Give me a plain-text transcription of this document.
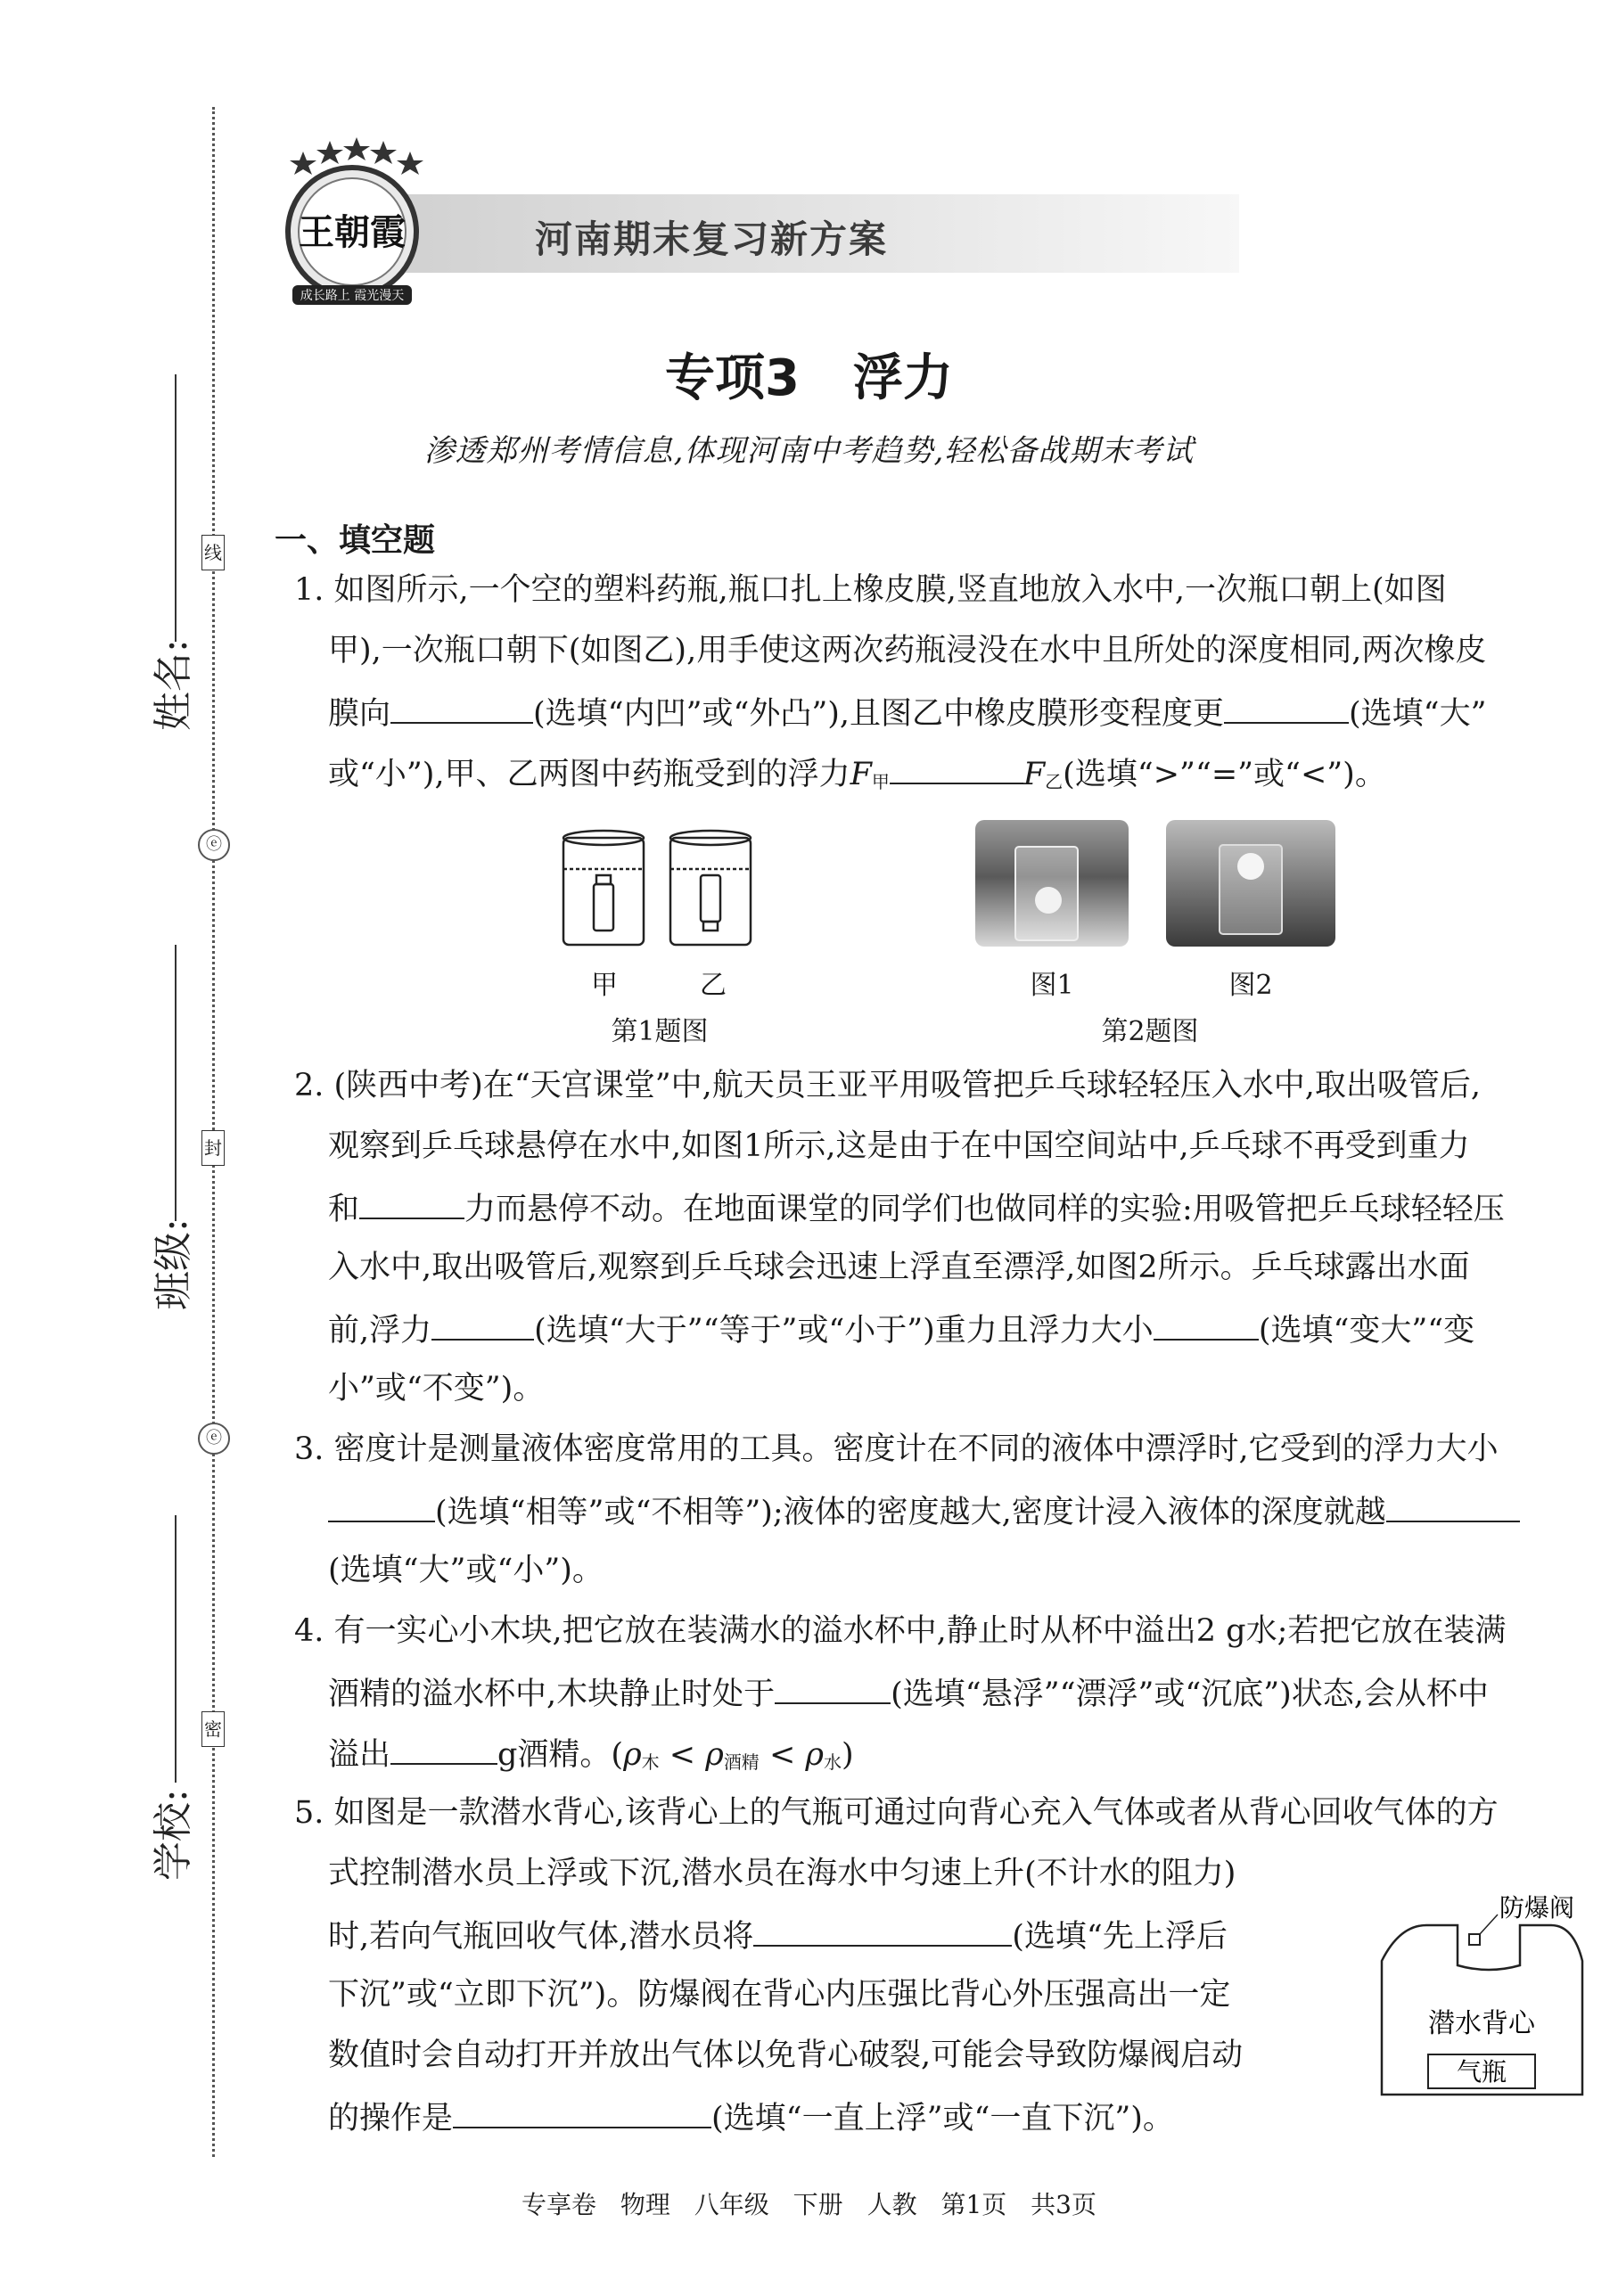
姓名:
班级:
学校:
线
封
密
ⓔ
ⓔ
河南期末复习新方案
王朝霞
成长路上 霞光漫天
专项3 浮力
渗透郑州考情信息,体现河南中考趋势,轻松备战期末考试
一、填空题
1. 如图所示,一个空的塑料药瓶,瓶口扎上橡皮膜,竖直地放入水中,一次瓶口朝上(如图
甲),一次瓶口朝下(如图乙),用手使这两次药瓶浸没在水中且所处的深度相同,两次橡皮
膜向	(选填“内凹”或“外凸”),且图乙中橡皮膜形变程度更	(选填“大”
或“小”),甲、乙两图中药瓶受到的浮力$F_甲$	$F_乙$(选填“>”“=”或“<”)。
甲	乙
第1题图
图1	图2
第2题图
2. (陕西中考)在“天宫课堂”中,航天员王亚平用吸管把乒乓球轻轻压入水中,取出吸管后,
观察到乒乓球悬停在水中,如图1所示,这是由于在中国空间站中,乒乓球不再受到重力
和	力而悬停不动。在地面课堂的同学们也做同样的实验:用吸管把乒乓球轻轻压
入水中,取出吸管后,观察到乒乓球会迅速上浮直至漂浮,如图2所示。乒乓球露出水面
前,浮力	(选填“大于”“等于”或“小于”)重力且浮力大小	(选填“变大”“变
小”或“不变”)。
3. 密度计是测量液体密度常用的工具。密度计在不同的液体中漂浮时,它受到的浮力大小
(选填“相等”或“不相等”);液体的密度越大,密度计浸入液体的深度就越
(选填“大”或“小”)。
4. 有一实心小木块,把它放在装满水的溢水杯中,静止时从杯中溢出2 g水;若把它放在装满
酒精的溢水杯中,木块静止时处于	(选填“悬浮”“漂浮”或“沉底”)状态,会从杯中
溢出	g酒精。$(\rho_木 < \rho_{酒精} < \rho_水)$
5. 如图是一款潜水背心,该背心上的气瓶可通过向背心充入气体或者从背心回收气体的方
式控制潜水员上浮或下沉,潜水员在海水中匀速上升(不计水的阻力)
时,若向气瓶回收气体,潜水员将	(选填“先上浮后
下沉”或“立即下沉”)。防爆阀在背心内压强比背心外压强高出一定
数值时会自动打开并放出气体以免背心破裂,可能会导致防爆阀启动
的操作是	(选填“一直上浮”或“一直下沉”)。
防爆阀
潜水背心
气瓶
专享卷 物理 八年级 下册 人教 第1页 共3页
